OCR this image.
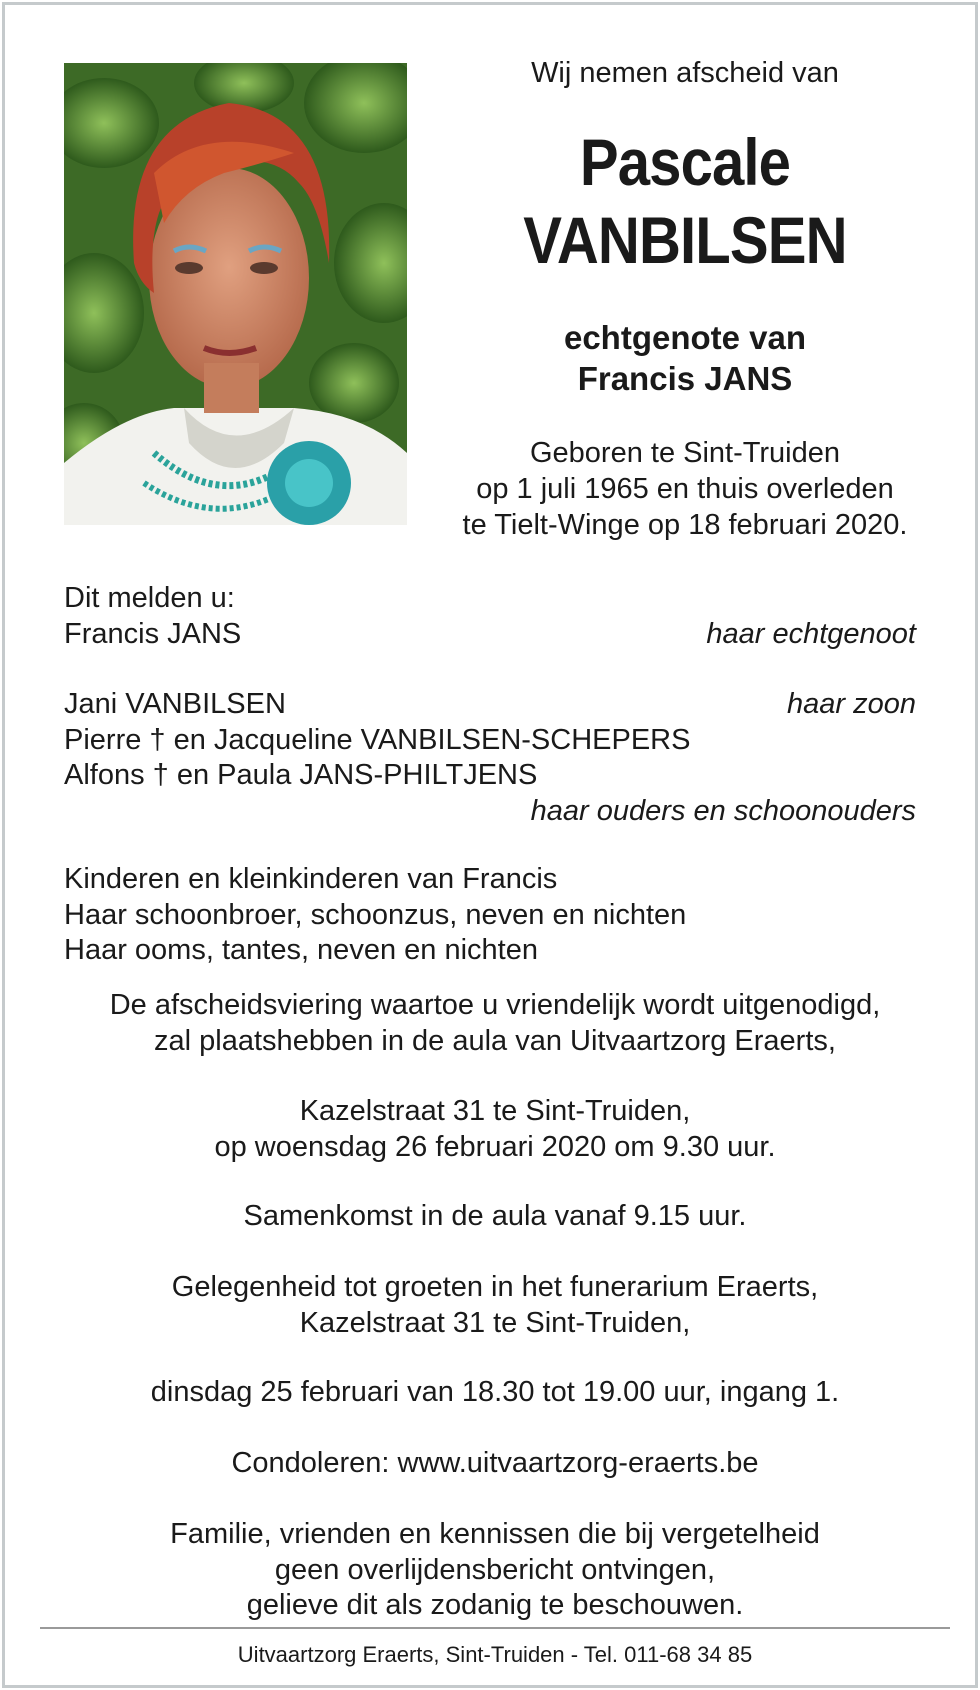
Wij nemen afscheid van
Pascale
VANBILSEN
echtgenote van
Francis JANS
Geboren te Sint-Truiden
op 1 juli 1965 en thuis overleden
te Tielt-Winge op 18 februari 2020.
Dit melden u:
Francis JANS	haar echtgenoot
Jani VANBILSEN	haar zoon
Pierre † en Jacqueline VANBILSEN-SCHEPERS
Alfons † en Paula JANS-PHILTJENS
haar ouders en schoonouders
Kinderen en kleinkinderen van Francis
Haar schoonbroer, schoonzus, neven en nichten
Haar ooms, tantes, neven en nichten
De afscheidsviering waartoe u vriendelijk wordt uitgenodigd,
zal plaatshebben in de aula van Uitvaartzorg Eraerts,
Kazelstraat 31 te Sint-Truiden,
op woensdag 26 februari 2020 om 9.30 uur.
Samenkomst in de aula vanaf 9.15 uur.
Gelegenheid tot groeten in het funerarium Eraerts,
Kazelstraat 31 te Sint-Truiden,
dinsdag 25 februari van 18.30 tot 19.00 uur, ingang 1.
Condoleren: www.uitvaartzorg-eraerts.be
Familie, vrienden en kennissen die bij vergetelheid
geen overlijdensbericht ontvingen,
gelieve dit als zodanig te beschouwen.
Uitvaartzorg Eraerts, Sint-Truiden - Tel. 011-68 34 85
